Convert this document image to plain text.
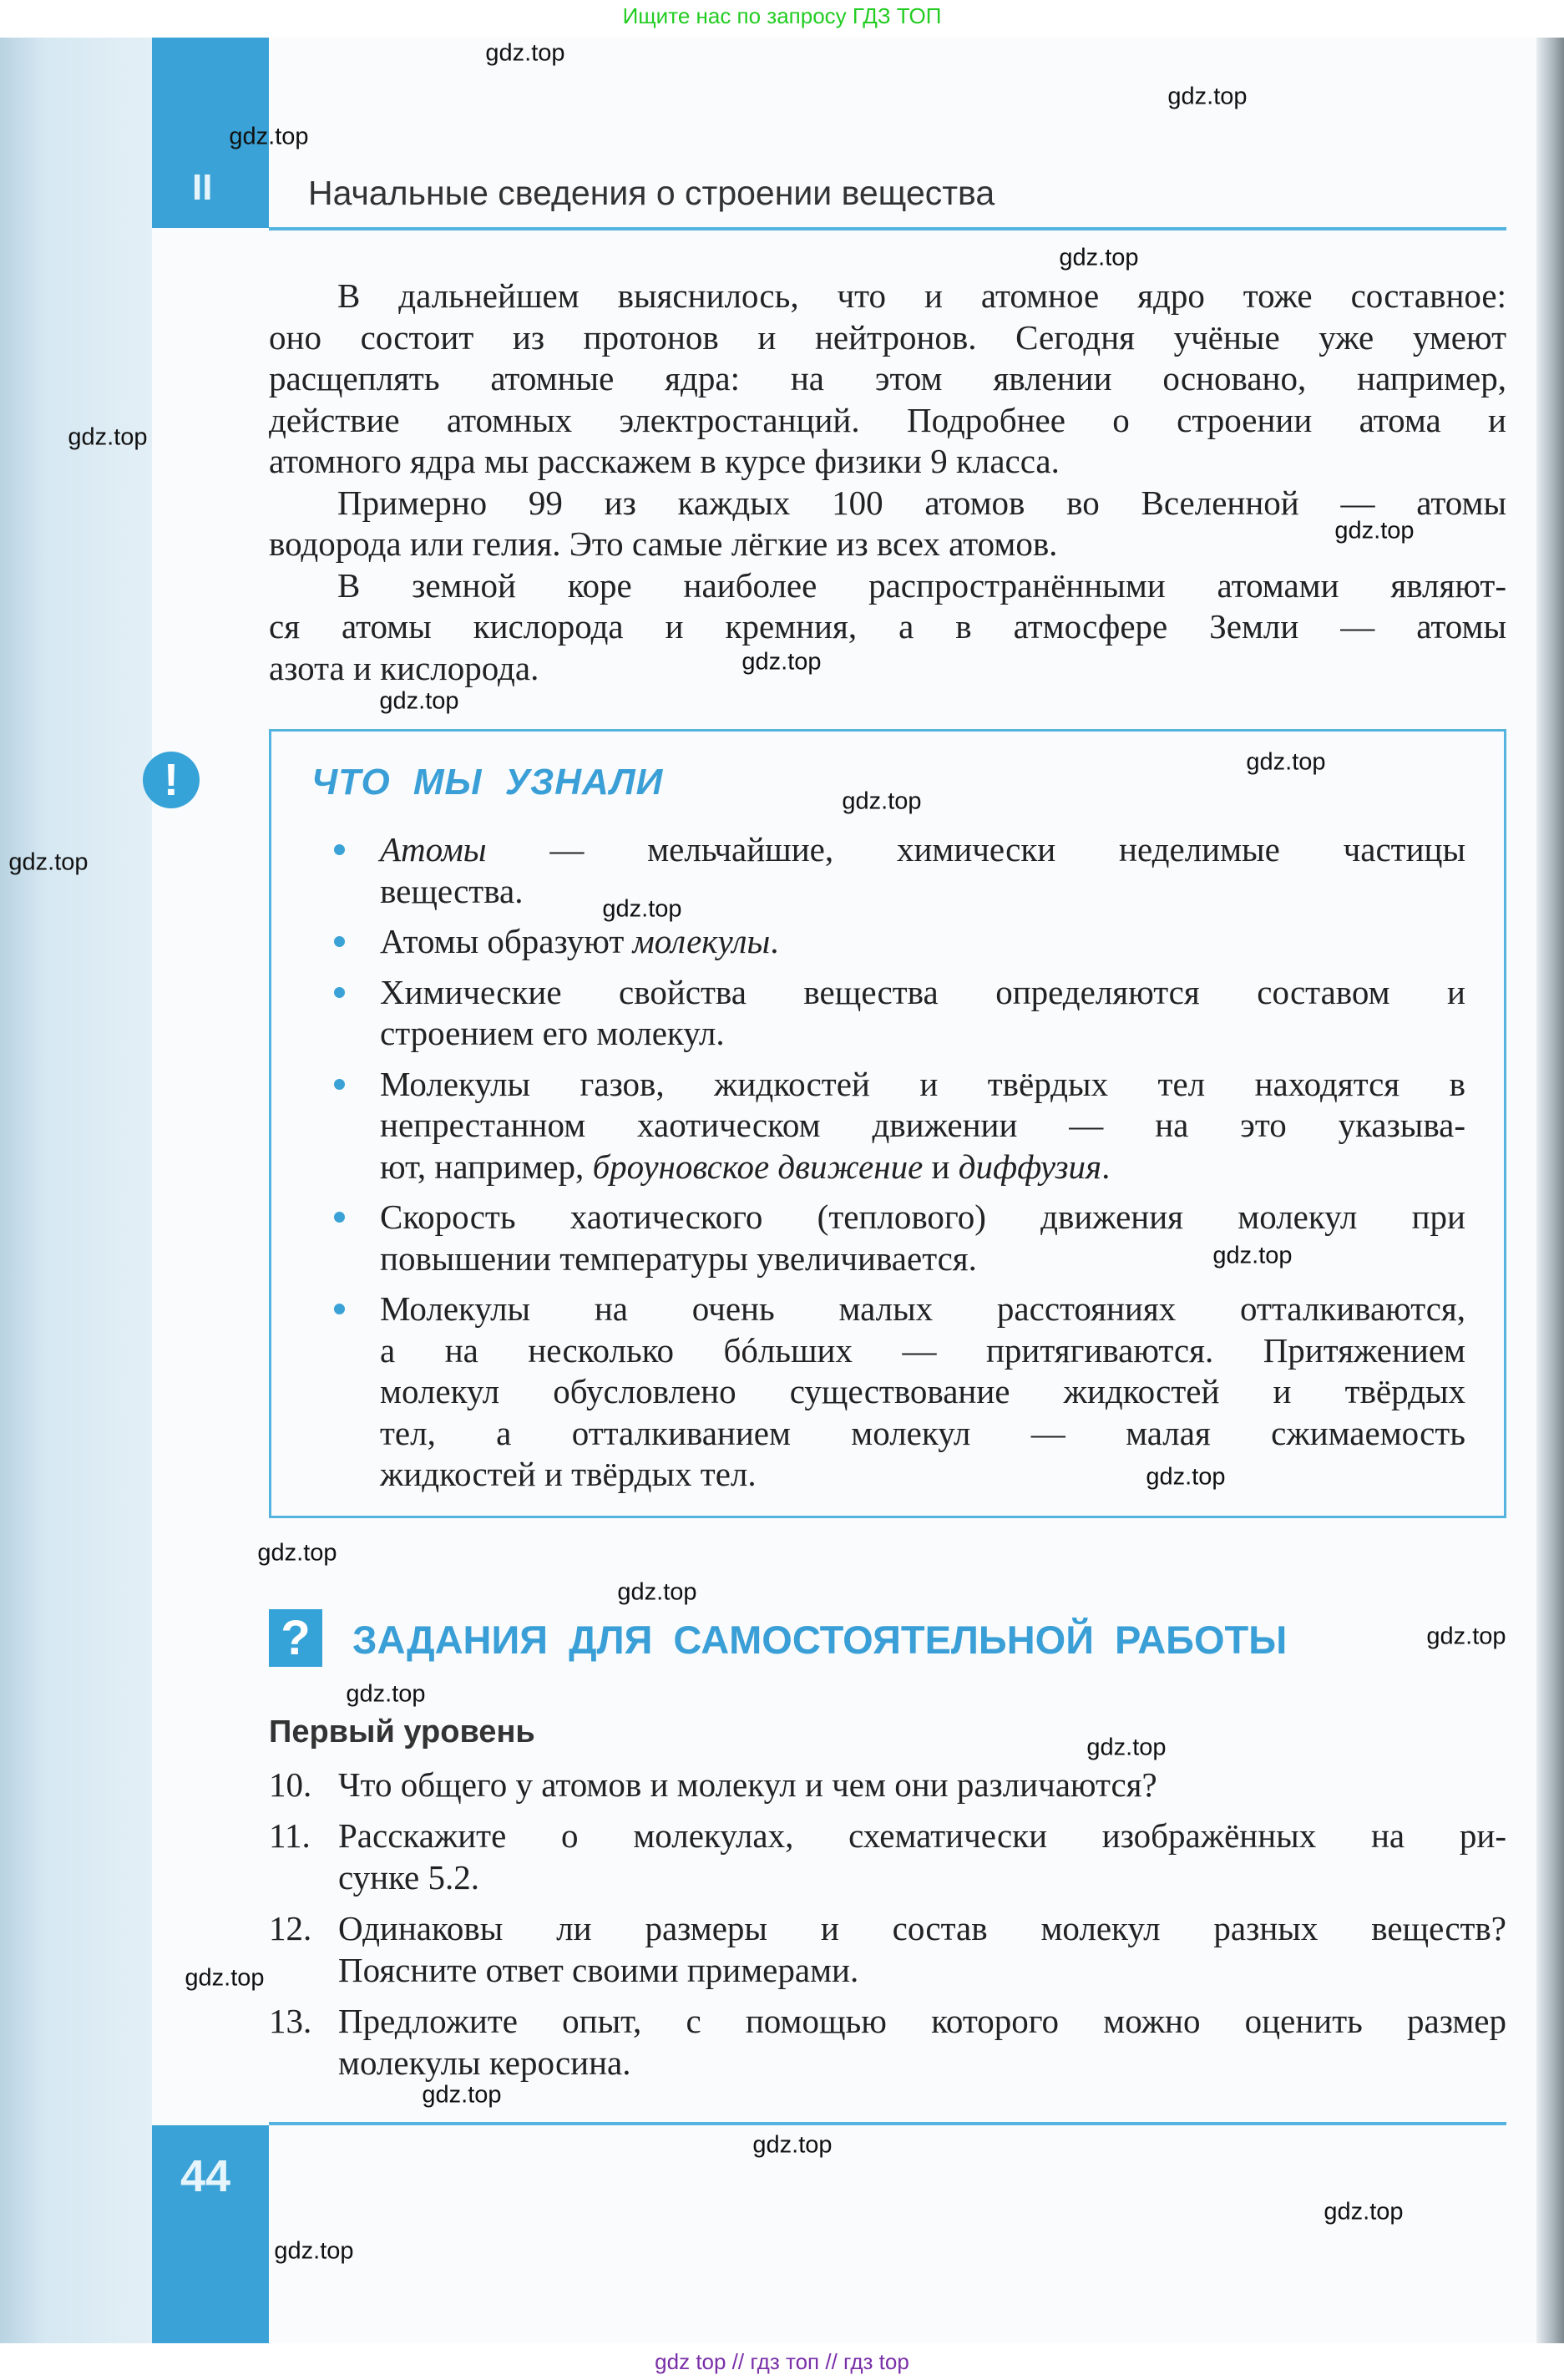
Ищите нас по запросу ГДЗ ТОП
II	Начальные сведения о строении вещества
В дальнейшем выяснилось, что и атомное ядро тоже составное:
оно состоит из протонов и нейтронов. Сегодня учёные уже умеют
расщеплять атомные ядра: на этом явлении основано, например,
действие атомных электростанций. Подробнее о строении атома и
атомного ядра мы расскажем в курсе физики 9 класса.
Примерно 99 из каждых 100 атомов во Вселенной — атомы
водорода или гелия. Это самые лёгкие из всех атомов.
В земной коре наиболее распространёнными атомами являют-
ся атомы кислорода и кремния, а в атмосфере Земли — атомы
азота и кислорода.
!	ЧТО МЫ УЗНАЛИ
Атомы — мельчайшие, химически неделимые частицы
вещества.
Атомы образуют молекулы.
Химические свойства вещества определяются составом и
строением его молекул.
Молекулы газов, жидкостей и твёрдых тел находятся в
непрестанном хаотическом движении — на это указыва-
ют, например, броуновское движение и диффузия.
Скорость хаотического (теплового) движения молекул при
повышении температуры увеличивается.
Молекулы на очень малых расстояниях отталкиваются,
а на несколько бóльших — притягиваются. Притяжением
молекул обусловлено существование жидкостей и твёрдых
тел, а отталкиванием молекул — малая сжимаемость
жидкостей и твёрдых тел.
?	ЗАДАНИЯ ДЛЯ САМОСТОЯТЕЛЬНОЙ РАБОТЫ
Первый уровень
10. Что общего у атомов и молекул и чем они различаются?
11. Расскажите о молекулах, схематически изображённых на ри-
сунке 5.2.
12. Одинаковы ли размеры и состав молекул разных веществ?
Поясните ответ своими примерами.
13. Предложите опыт, с помощью которого можно оценить размер
молекулы керосина.
44
gdz.top
gdz.top
gdz.top
gdz.top
gdz.top
gdz.top
gdz.top
gdz.top
gdz.top
gdz.top
gdz.top
gdz.top
gdz.top
gdz.top
gdz.top
gdz.top
gdz.top
gdz.top
gdz.top
gdz.top
gdz.top
gdz.top
gdz.top
gdz.top
gdz top // гдз топ // гдз top
